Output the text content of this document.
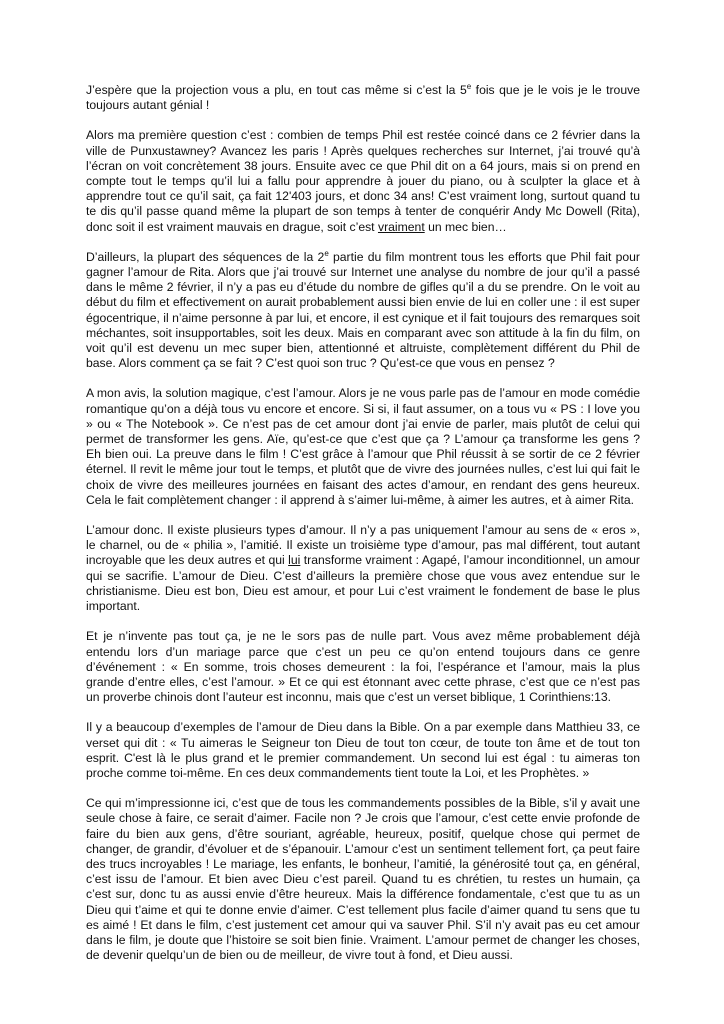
J’espère que la projection vous a plu, en tout cas même si c’est la 5e fois que je le vois je le trouve toujours autant génial !

Alors ma première question c’est : combien de temps Phil est restée coincé dans ce 2 février dans la ville de Punxustawney? Avancez les paris ! Après quelques recherches sur Internet, j’ai trouvé qu’à l’écran on voit concrètement 38 jours. Ensuite avec ce que Phil dit on a 64 jours, mais si on prend en compte tout le temps qu’il lui a fallu pour apprendre à jouer du piano, ou à sculpter la glace et à apprendre tout ce qu’il sait, ça fait 12'403 jours, et donc 34 ans! C’est vraiment long, surtout quand tu te dis qu’il passe quand même la plupart de son temps à tenter de conquérir Andy Mc Dowell (Rita), donc soit il est vraiment mauvais en drague, soit c’est vraiment un mec bien…

D’ailleurs, la plupart des séquences de la 2e partie du film montrent tous les efforts que Phil fait pour gagner l’amour de Rita. Alors que j’ai trouvé sur Internet une analyse du nombre de jour qu’il a passé dans le même 2 février, il n’y a pas eu d’étude du nombre de gifles qu’il a du se prendre. On le voit au début du film et effectivement on aurait probablement aussi bien envie de lui en coller une : il est super égocentrique, il n’aime personne à par lui, et encore, il est cynique et il fait toujours des remarques soit méchantes, soit insupportables, soit les deux. Mais en comparant avec son attitude à la fin du film, on voit qu’il est devenu un mec super bien, attentionné et altruiste, complètement différent du Phil de base. Alors comment ça se fait ? C’est quoi son truc ? Qu’est-ce que vous en pensez ?

A mon avis, la solution magique, c’est l’amour. Alors je ne vous parle pas de l’amour en mode comédie romantique qu’on a déjà tous vu encore et encore. Si si, il faut assumer, on a tous vu « PS : I love you » ou « The Notebook ». Ce n’est pas de cet amour dont j’ai envie de parler, mais plutôt de celui qui permet de transformer les gens. Aïe, qu’est-ce que c’est que ça ? L’amour ça transforme les gens ? Eh bien oui. La preuve dans le film ! C’est grâce à l’amour que Phil réussit à se sortir de ce 2 février éternel. Il revit le même jour tout le temps, et plutôt que de vivre des journées nulles, c’est lui qui fait le choix de vivre des meilleures journées en faisant des actes d’amour, en rendant des gens heureux. Cela le fait complètement changer : il apprend à s’aimer lui-même, à aimer les autres, et à aimer Rita.

L’amour donc. Il existe plusieurs types d’amour. Il n’y a pas uniquement l’amour au sens de « eros », le charnel, ou de « philia », l’amitié. Il existe un troisième type d’amour, pas mal différent, tout autant incroyable que les deux autres et qui lui transforme vraiment : Agapé, l’amour inconditionnel, un amour qui se sacrifie. L’amour de Dieu. C’est d’ailleurs la première chose que vous avez entendue sur le christianisme. Dieu est bon, Dieu est amour, et pour Lui c’est vraiment le fondement de base le plus important.

Et je n’invente pas tout ça, je ne le sors pas de nulle part. Vous avez même probablement déjà entendu lors d’un mariage parce que c’est un peu ce qu’on entend toujours dans ce genre d’événement : « En somme, trois choses demeurent : la foi, l’espérance et l’amour, mais la plus grande d’entre elles, c’est l’amour. » Et ce qui est étonnant avec cette phrase, c’est que ce n’est pas un proverbe chinois dont l’auteur est inconnu, mais que c’est un verset biblique, 1 Corinthiens:13.

Il y a beaucoup d’exemples de l’amour de Dieu dans la Bible. On a par exemple dans Matthieu 33, ce verset qui dit : « Tu aimeras le Seigneur ton Dieu de tout ton cœur, de toute ton âme et de tout ton esprit. C'est là le plus grand et le premier commandement. Un second lui est égal : tu aimeras ton proche comme toi-même. En ces deux commandements tient toute la Loi, et les Prophètes. »

Ce qui m’impressionne ici, c’est que de tous les commandements possibles de la Bible, s’il y avait une seule chose à faire, ce serait d’aimer. Facile non ? Je crois que l’amour, c’est cette envie profonde de faire du bien aux gens, d’être souriant, agréable, heureux, positif, quelque chose qui permet de changer, de grandir, d’évoluer et de s’épanouir. L’amour c’est un sentiment tellement fort, ça peut faire des trucs incroyables ! Le mariage, les enfants, le bonheur, l’amitié, la générosité tout ça, en général, c’est issu de l’amour. Et bien avec Dieu c’est pareil. Quand tu es chrétien, tu restes un humain, ça c’est sur, donc tu as aussi envie d’être heureux. Mais la différence fondamentale, c’est que tu as un Dieu qui t’aime et qui te donne envie d’aimer. C’est tellement plus facile d’aimer quand tu sens que tu es aimé ! Et dans le film, c’est justement cet amour qui va sauver Phil. S’il n’y avait pas eu cet amour dans le film, je doute que l’histoire se soit bien finie. Vraiment. L’amour permet de changer les choses, de devenir quelqu’un de bien ou de meilleur, de vivre tout à fond, et Dieu aussi.
